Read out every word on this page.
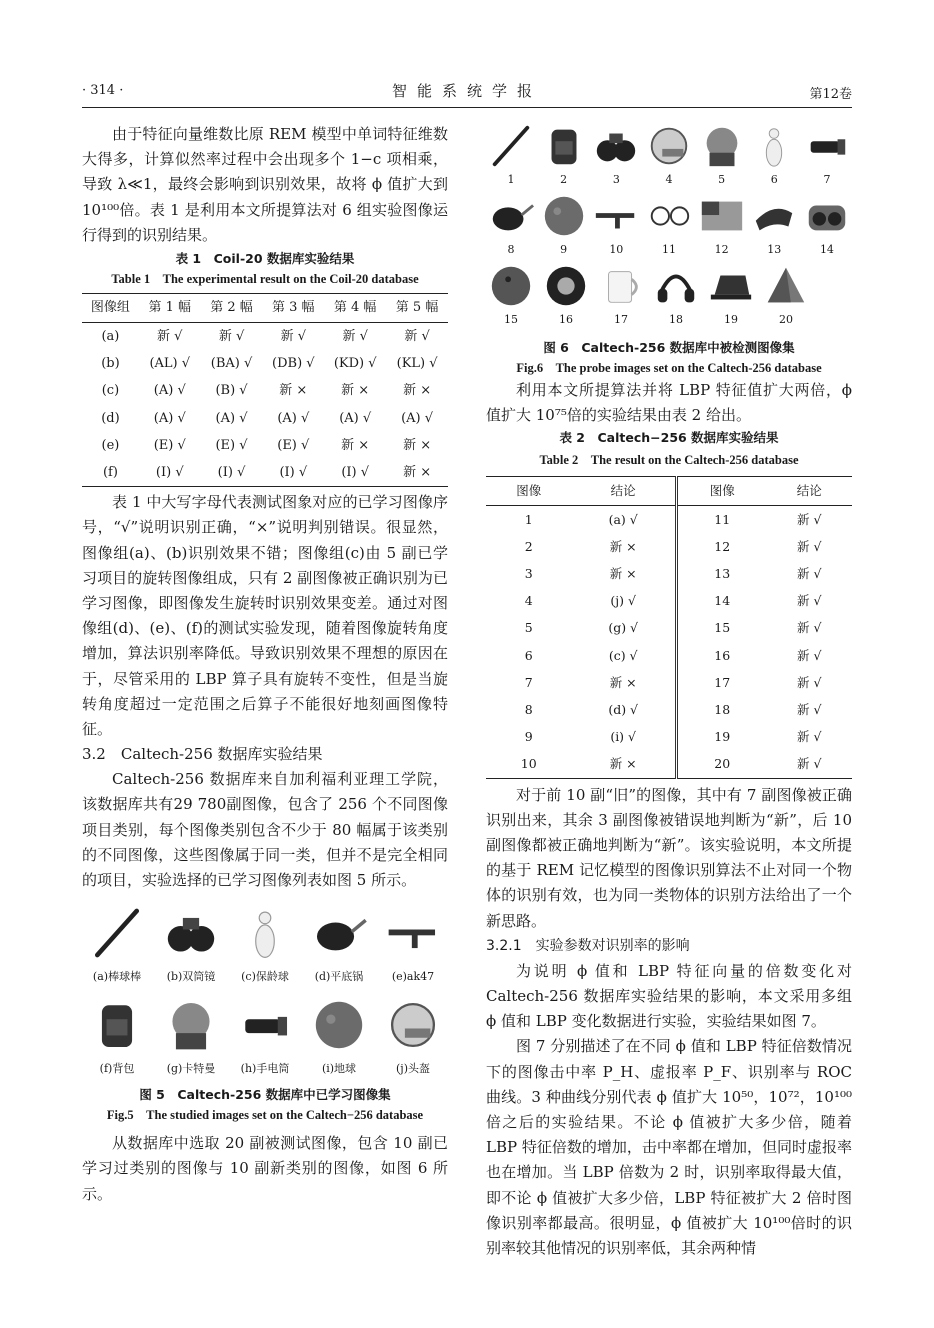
· 314 ·	智能系统学报	第12卷

由于特征向量维数比原 REM 模型中单词特征维数大得多，计算似然率过程中会出现多个 1−c 项相乘，导致 λ≪1，最终会影响到识别效果，故将 ϕ 值扩大到 10¹⁰⁰倍。表 1 是利用本文所提算法对 6 组实验图像运行得到的识别结果。

表 1　Coil-20 数据库实验结果
Table 1　The experimental result on the Coil-20 database
图像组	第 1 幅	第 2 幅	第 3 幅	第 4 幅	第 5 幅
(a)	新 √	新 √	新 √	新 √	新 √
(b)	(AL) √	(BA) √	(DB) √	(KD) √	(KL) √
(c)	(A) √	(B) √	新 ×	新 ×	新 ×
(d)	(A) √	(A) √	(A) √	(A) √	(A) √
(e)	(E) √	(E) √	(E) √	新 ×	新 ×
(f)	(I) √	(I) √	(I) √	(I) √	新 ×

表 1 中大写字母代表测试图象对应的已学习图像序号，“√”说明识别正确，“×”说明判别错误。很显然，图像组(a)、(b)识别效果不错；图像组(c)由 5 副已学习项目的旋转图像组成，只有 2 副图像被正确识别为已学习图像，即图像发生旋转时识别效果变差。通过对图像组(d)、(e)、(f)的测试实验发现，随着图像旋转角度增加，算法识别率降低。导致识别效果不理想的原因在于，尽管采用的 LBP 算子具有旋转不变性，但是当旋转角度超过一定范围之后算子不能很好地刻画图像特征。

3.2　Caltech-256 数据库实验结果

Caltech-256 数据库来自加利福利亚理工学院，该数据库共有29 780副图像，包含了 256 个不同图像项目类别，每个图像类别包含不少于 80 幅属于该类别的不同图像，这些图像属于同一类，但并不是完全相同的项目，实验选择的已学习图像列表如图 5 所示。

(a)棒球棒 (b)双筒镜 (c)保龄球 (d)平底锅	(e)ak47
(f)背包	(g)卡特曼 (h)手电筒	(i)地球	(j)头盔
图 5　Caltech-256 数据库中已学习图像集
Fig.5　The studied images set on the Caltech−256 database

从数据库中选取 20 副被测试图像，包含 10 副已学习过类别的图像与 10 副新类别的图像，如图 6 所示。

1	2	3	4	5	6	7
8	9	10	11	12	13	14
15	16	17	18	19	20
图 6　Caltech-256 数据库中被检测图像集
Fig.6　The probe images set on the Caltech-256 database

利用本文所提算法并将 LBP 特征值扩大两倍，ϕ 值扩大 10⁷⁵倍的实验结果由表 2 给出。

表 2　Caltech−256 数据库实验结果
Table 2　The result on the Caltech-256 database
图像	结论	图像	结论
1	(a) √	11	新 √
2	新 ×	12	新 √
3	新 ×	13	新 √
4	(j) √	14	新 √
5	(g) √	15	新 √
6	(c) √	16	新 √
7	新 ×	17	新 √
8	(d) √	18	新 √
9	(i) √	19	新 √
10	新 ×	20	新 √

对于前 10 副“旧”的图像，其中有 7 副图像被正确识别出来，其余 3 副图像被错误地判断为“新”，后 10 副图像都被正确地判断为“新”。该实验说明，本文所提的基于 REM 记忆模型的图像识别算法不止对同一个物体的识别有效，也为同一类物体的识别方法给出了一个新思路。

3.2.1　实验参数对识别率的影响

为说明 ϕ 值和 LBP 特征向量的倍数变化对 Caltech-256 数据库实验结果的影响，本文采用多组 ϕ 值和 LBP 变化数据进行实验，实验结果如图 7。

图 7 分别描述了在不同 ϕ 值和 LBP 特征倍数情况下的图像击中率 P_H、虚报率 P_F、识别率与 ROC 曲线。3 种曲线分别代表 ϕ 值扩大 10⁵⁰，10⁷²，10¹⁰⁰倍之后的实验结果。不论 ϕ 值被扩大多少倍，随着 LBP 特征倍数的增加，击中率都在增加，但同时虚报率也在增加。当 LBP 倍数为 2 时，识别率取得最大值，即不论 ϕ 值被扩大多少倍，LBP 特征被扩大 2 倍时图像识别率都最高。很明显，ϕ 值被扩大 10¹⁰⁰倍时的识别率较其他情况的识别率低，其余两种情
